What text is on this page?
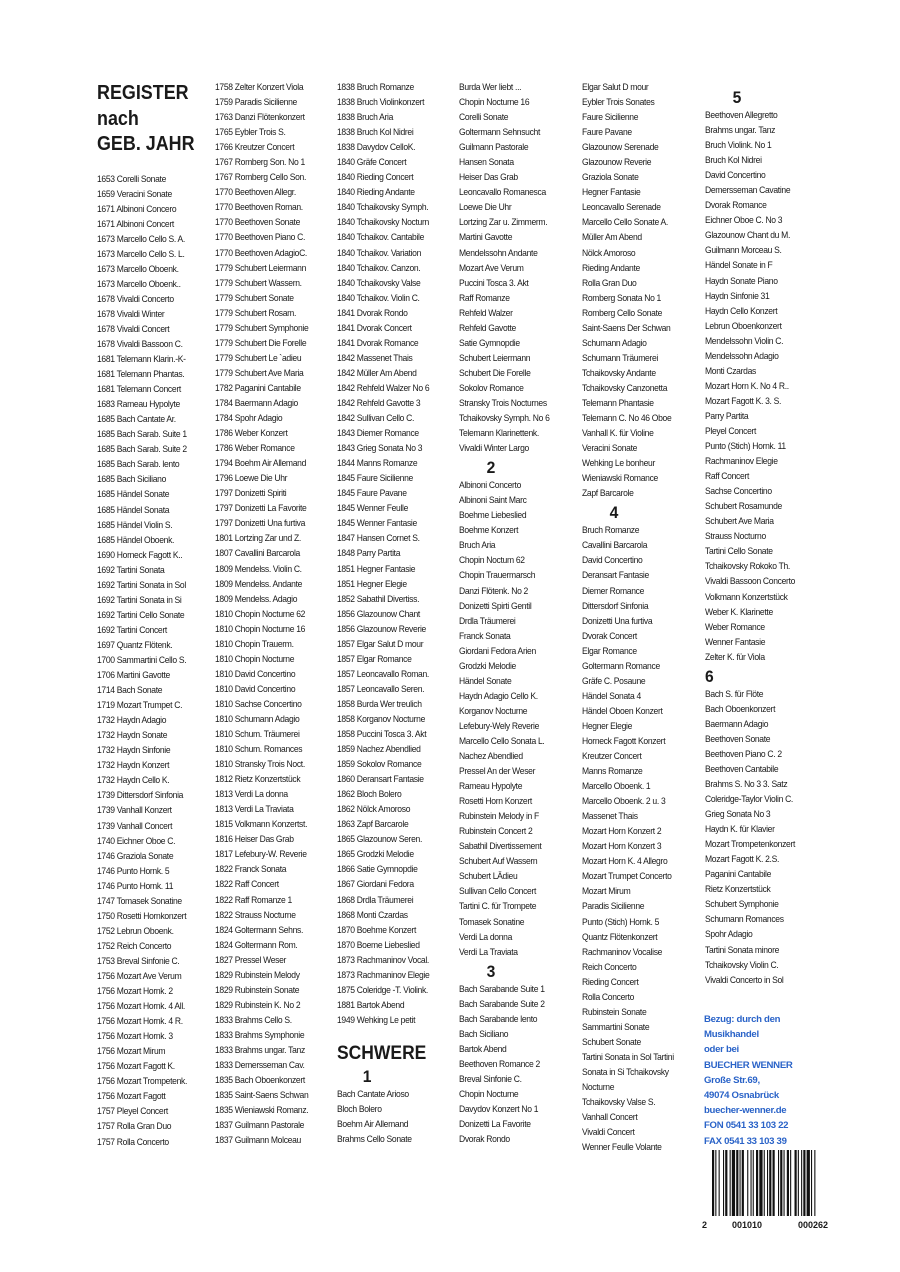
REGISTER
nach
GEB. JAHR
1653 Corelli Sonate
1659 Veracini Sonate
1671 Albinoni Concero
1671 Albinoni Concert
1673 Marcello Cello S. A.
1673 Marcello Cello S. L.
1673 Marcello Oboenk.
1673 Marcello Oboenk..
1678 Vivaldi Concerto
1678 Vivaldi Winter
1678 Vivaldi Concert
1678 Vivaldi Bassoon C.
1681 Telemann Klarin.-K-
1681 Telemann Phantas.
1681 Telemann Concert
1683 Rameau Hypolyte
1685 Bach Cantate Ar.
1685 Bach Sarab. Suite 1
1685 Bach Sarab. Suite 2
1685 Bach Sarab. lento
1685 Bach Siciliano
1685 Händel Sonate
1685 Händel Sonata
1685 Händel Violin S.
1685 Händel Oboenk.
1690 Horneck Fagott K..
1692 Tartini Sonata
1692 Tartini Sonata in Sol
1692 Tartini Sonata in Si
1692 Tartini Cello Sonate
1692 Tartini Concert
1697 Quantz Flötenk.
1700 Sammartini Cello S.
1706 Martini Gavotte
1714 Bach Sonate
1719 Mozart Trumpet C.
1732 Haydn Adagio
1732 Haydn Sonate
1732 Haydn Sinfonie
1732 Haydn Konzert
1732 Haydn Cello K.
1739 Dittersdorf Sinfonia
1739 Vanhall Konzert
1739 Vanhall Concert
1740 Eichner Oboe C.
1746 Graziola Sonate
1746 Punto Hornk. 5
1746 Punto Hornk. 11
1747 Tomasek Sonatine
1750 Rosetti Hornkonzert
1752 Lebrun Oboenk.
1752 Reich Concerto
1753 Breval Sinfonie C.
1756 Mozart Ave Verum
1756 Mozart Hornk. 2
1756 Mozart Hornk. 4 All.
1756 Mozart Hornk. 4 R.
1756 Mozart Hornk. 3
1756 Mozart Mirum
1756 Mozart Fagott K.
1756 Mozart Trompetenk.
1756 Mozart Fagott
1757 Pleyel Concert
1757 Rolla Gran Duo
1757 Rolla Concerto
1758 Zelter Konzert Viola
1759 Paradis Sicilienne
1763 Danzi Flötenkonzert
1765 Eybler Trois S.
1766 Kreutzer Concert
1767 Romberg Son. No 1
1767 Romberg Cello Son.
1770 Beethoven Allegr.
1770 Beethoven Roman.
1770 Beethoven Sonate
1770 Beethoven Piano C.
1770 Beethoven AdagioC.
1779 Schubert Leiermann
1779 Schubert Wassern.
1779 Schubert Sonate
1779 Schubert Rosam.
1779 Schubert Symphonie
1779 Schubert Die Forelle
1779 Schubert Le `adieu
1779 Schubert Ave Maria
1782 Paganini Cantabile
1784 Baermann Adagio
1784 Spohr Adagio
1786 Weber Konzert
1786 Weber Romance
1794 Boehm Air Allemand
1796 Loewe Die Uhr
1797 Donizetti Spiriti
1797 Donizetti La Favorite
1797 Donizetti Una furtiva
1801 Lortzing Zar und Z.
1807 Cavallini Barcarola
1809 Mendelss. Violin C.
1809 Mendelss. Andante
1809 Mendelss. Adagio
1810 Chopin Nocturne 62
1810 Chopin Nocturne 16
1810 Chopin Trauerm.
1810 Chopin Nocturne
1810 David Concertino
1810 David Concertino
1810 Sachse Concertino
1810 Schumann Adagio
1810 Schum. Träumerei
1810 Schum. Romances
1810 Stransky Trois Noct.
1812 Rietz Konzertstück
1813 Verdi La donna
1813 Verdi La Traviata
1815 Volkmann Konzertst.
1816 Heiser Das Grab
1817 Lefebury-W. Reverie
1822 Franck Sonata
1822 Raff Concert
1822 Raff Romanze 1
1822 Strauss Nocturne
1824 Goltermann Sehns.
1824 Goltermann Rom.
1827 Pressel Weser
1829 Rubinstein Melody
1829 Rubinstein Sonate
1829 Rubinstein K. No 2
1833 Brahms Cello S.
1833 Brahms Symphonie
1833 Brahms ungar. Tanz
1833 Demersseman Cav.
1835 Bach Oboenkonzert
1835 Saint-Saens Schwan
1835 Wieniawski Romanz.
1837 Guilmann Pastorale
1837 Guilmann Molceau
1838 Bruch Romanze
1838 Bruch Violinkonzert
1838 Bruch Aria
1838 Bruch Kol Nidrei
1838 Davydov CelloK.
1840 Gräfe Concert
1840 Rieding Concert
1840 Rieding Andante
1840 Tchaikovsky Symph.
1840 Tchaikovsky Nocturn
1840 Tchaikov. Cantabile
1840 Tchaikov. Variation
1840 Tchaikov. Canzon.
1840 Tchaikovsky Valse
1840 Tchaikov. Violin C.
1841 Dvorak Rondo
1841 Dvorak Concert
1841 Dvorak Romance
1842 Massenet Thais
1842 Müller Am Abend
1842 Rehfeld Walzer No 6
1842 Rehfeld Gavotte 3
1842 Sullivan Cello C.
1843 Diemer Romance
1843 Grieg Sonata No 3
1844 Manns Romanze
1845 Faure Sicilienne
1845 Faure Pavane
1845 Wenner Feulle
1845 Wenner Fantasie
1847 Hansen Cornet S.
1848 Parry Partita
1851 Hegner Fantasie
1851 Hegner Elegie
1852 Sabathil Divertiss.
1856 Glazounow Chant
1856 Glazounow Reverie
1857 Elgar Salut D mour
1857 Elgar Romance
1857 Leoncavallo Roman.
1857 Leoncavallo Seren.
1858 Burda Wer treulich
1858 Korganov Nocturne
1858 Puccini Tosca 3. Akt
1859 Nachez Abendlied
1859 Sokolov Romance
1860 Deransart Fantasie
1862 Bloch Bolero
1862 Nölck Amoroso
1863 Zapf Barcarole
1865 Glazounow Seren.
1865 Grodzki Melodie
1866 Satie Gymnopdie
1867 Giordani Fedora
1868 Drdla Träumerei
1868 Monti Czardas
1870 Boehme Konzert
1870 Boeme Liebeslied
1873 Rachmaninov Vocal.
1873 Rachmaninov Elegie
1875 Coleridge -T. Violink.
1881 Bartok Abend
1949 Wehking Le petit
SCHWERE
1
Bach Cantate Arioso
Bloch Bolero
Boehm Air Allemand
Brahms Cello Sonate
Burda Wer liebt ...
Chopin Nocturne 16
Corelli Sonate
Goltermann Sehnsucht
Guilmann Pastorale
Hansen Sonata
Heiser Das Grab
Leoncavallo Romanesca
Loewe Die Uhr
Lortzing Zar u. Zimmerm.
Martini Gavotte
Mendelssohn Andante
Mozart Ave Verum
Puccini Tosca 3. Akt
Raff Romanze
Rehfeld Walzer
Rehfeld Gavotte
Satie Gymnopdie
Schubert Leiermann
Schubert Die Forelle
Sokolov Romance
Stransky Trois Nocturnes
Tchaikovsky Symph. No 6
Telemann Klarinettenk.
Vivaldi Winter Largo
2
Albinoni Concerto
Albinoni Saint Marc
Boehme Liebeslied
Boehme Konzert
Bruch Aria
Chopin Noctum 62
Chopin Trauermarsch
Danzi Flötenk. No 2
Donizetti Spirti Gentil
Drdla Träumerei
Franck Sonata
Giordani Fedora Arien
Grodzki Melodie
Händel Sonate
Haydn Adagio Cello K.
Korganov Nocturne
Lefebury-Wely Reverie
Marcello Cello Sonata L.
Nachez Abendlied
Pressel An der Weser
Rameau Hypolyte
Rosetti Horn Konzert
Rubinstein Melody in F
Rubinstein Concert 2
Sabathil Divertissement
Schubert Auf Wassern
Schubert LÄdieu
Sullivan Cello Concert
Tartini C. für Trompete
Tomasek Sonatine
Verdi La donna
Verdi La Traviata
3
Bach Sarabande Suite 1
Bach Sarabande Suite 2
Bach Sarabande lento
Bach Siciliano
Bartok Abend
Beethoven Romance 2
Breval Sinfonie C.
Chopin Nocturne
Davydov Konzert No 1
Donizetti La Favorite
Dvorak Rondo
Elgar Salut D mour
Eybler Trois Sonates
Faure Sicilienne
Faure Pavane
Glazounow Serenade
Glazounow Reverie
Graziola Sonate
Hegner Fantasie
Leoncavallo Serenade
Marcello Cello Sonate A.
Müller Am Abend
Nölck Amoroso
Rieding Andante
Rolla Gran Duo
Romberg Sonata No 1
Romberg Cello Sonate
Saint-Saens Der Schwan
Schumann Adagio
Schumann Träumerei
Tchaikovsky Andante
Tchaikovsky Canzonetta
Telemann Phantasie
Telemann C. No 46 Oboe
Vanhall K. für Violine
Veracini Sonate
Wehking Le bonheur
Wieniawski Romance
Zapf Barcarole
4
Bruch Romanze
Cavallini Barcarola
David Concertino
Deransart Fantasie
Diemer Romance
Dittersdorf Sinfonia
Donizetti Una furtiva
Dvorak Concert
Elgar Romance
Goltermann Romance
Gräfe C. Posaune
Händel Sonata 4
Händel Oboen Konzert
Hegner Elegie
Horneck Fagott Konzert
Kreutzer Concert
Manns Romanze
Marcello Oboenk. 1
Marcello Oboenk. 2 u. 3
Massenet Thais
Mozart Horn Konzert 2
Mozart Horn Konzert 3
Mozart Horn K. 4 Allegro
Mozart Trumpet Concerto
Mozart Mirum
Paradis Sicilienne
Punto (Stich) Hornk. 5
Quantz Flötenkonzert
Rachmaninov Vocalise
Reich Concerto
Rieding Concert
Rolla Concerto
Rubinstein Sonate
Sammartini Sonate
Schubert Sonate
Tartini Sonata in Sol Tartini
Sonata in Si Tchaikovsky
Nocturne
Tchaikovsky Valse S.
Vanhall Concert
Vivaldi Concert
Wenner Feulle Volante
5
Beethoven Allegretto
Brahms ungar. Tanz
Bruch Violink. No 1
Bruch Kol Nidrei
David Concertino
Demersseman Cavatine
Dvorak Romance
Eichner Oboe C. No 3
Glazounow Chant du M.
Guilmann Morceau S.
Händel Sonate in F
Haydn Sonate Piano
Haydn Sinfonie 31
Haydn Cello Konzert
Lebrun Oboenkonzert
Mendelssohn Violin C.
Mendelssohn Adagio
Monti Czardas
Mozart Horn K. No 4 R..
Mozart Fagott K. 3. S.
Parry Partita
Pleyel Concert
Punto (Stich) Hornk. 11
Rachmaninov Elegie
Raff Concert
Sachse Concertino
Schubert Rosamunde
Schubert Ave Maria
Strauss Nocturno
Tartini Cello Sonate
Tchaikovsky Rokoko Th.
Vivaldi Bassoon Concerto
Volkmann Konzertstück
Weber K. Klarinette
Weber Romance
Wenner Fantasie
Zelter K. für Viola
6
Bach S. für Flöte
Bach Oboenkonzert
Baermann Adagio
Beethoven Sonate
Beethoven Piano C. 2
Beethoven Cantabile
Brahms S. No 3 3. Satz
Coleridge-Taylor Violin C.
Grieg Sonata No 3
Haydn K. für Klavier
Mozart Trompetenkonzert
Mozart Fagott K. 2.S.
Paganini Cantabile
Rietz Konzertstück
Schubert Symphonie
Schumann Romances
Spohr Adagio
Tartini Sonata minore
Tchaikovsky Violin C.
Vivaldi Concerto in Sol
Bezug: durch den
Musikhandel
oder bei
BUECHER WENNER
Große Str.69,
49074 Osnabrück
buecher-wenner.de
FON 0541 33 103 22
FAX 0541 33 103 39
2	001010	000262
